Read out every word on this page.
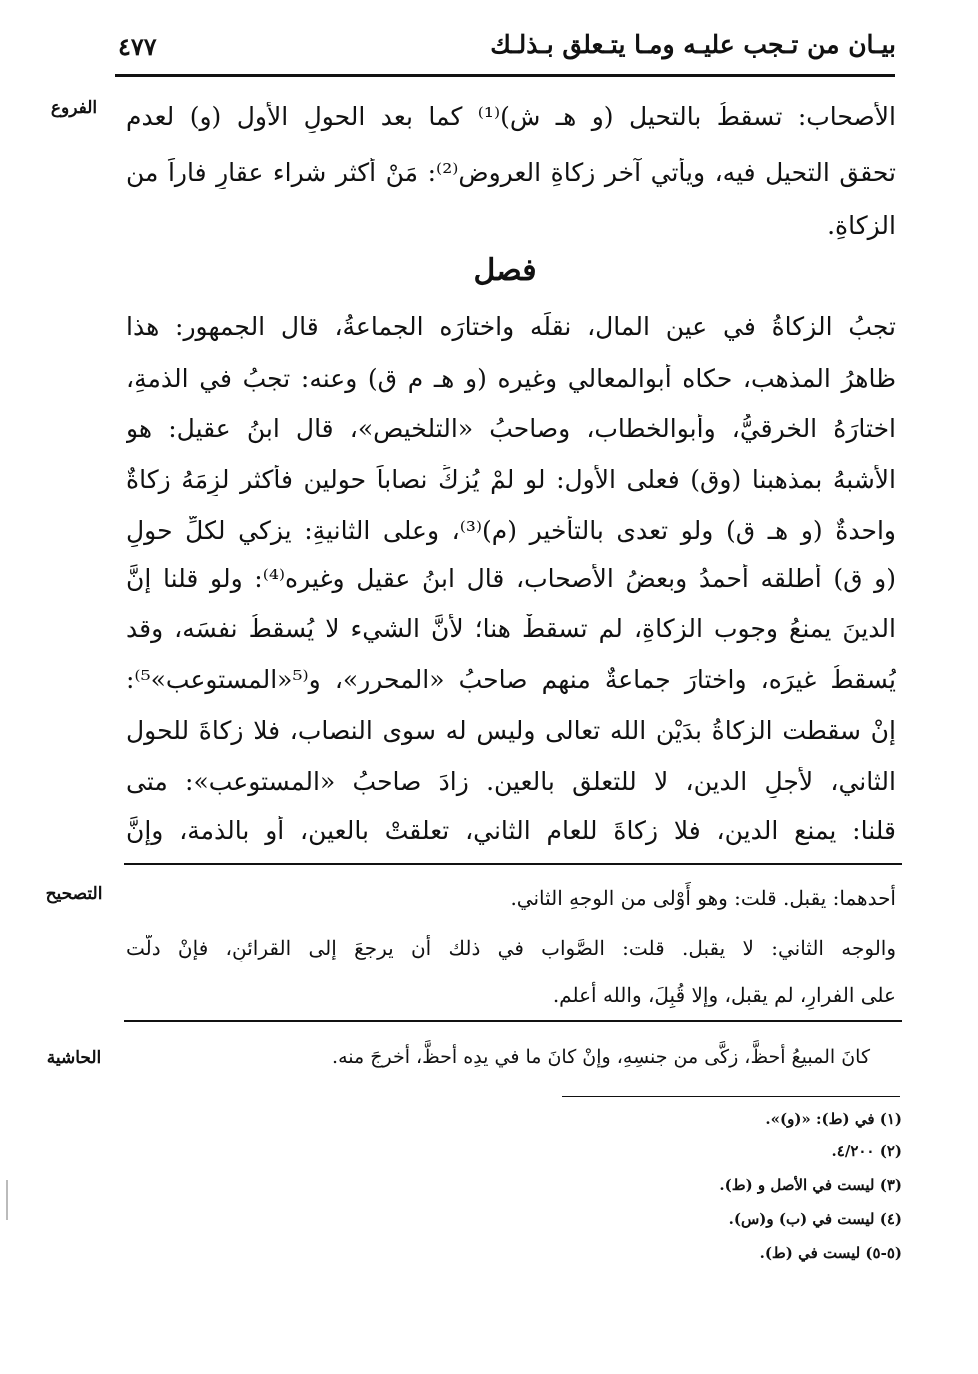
بيـان من تـجب عليـه ومـا يتـعلق بـذلـك
٤٧٧
الفروع
التصحيح
الحاشية
الأصحاب: تسقطُ بالتحيل (و هـ ش)⁽¹⁾ كما بعد الحولِ الأول (و) لعدمِ
تحققِ التحيل فيه، ويأتي آخر زكاةِ العروض⁽²⁾: مَنْ أكثر شراء عقارٍ فاراً من
الزكاةِ.
فصل
تجبُ الزكاةُ في عينِ المال، نقلَه واختارَه الجماعةُ، قال الجمهور: هذا
ظاهرُ المذهب، حكاه أبوالمعالي وغيره (و هـ م ق) وعنه: تجبُ في الذمةِ،
اختارَهُ الخرقيُّ، وأبوالخطاب، وصاحبُ «التلخيص»، قال ابنُ عقيل: هو
الأشبهُ بمذهبنا (وق) فعلى الأول: لو لمْ يُزكِّ نصاباً حولين فأكثر لزِمَهُ زكاةٌ
واحدةٌ (و هـ ق) ولو تعدى بالتأخير (م)⁽³⁾، وعلى الثانيةِ: يزكي لكلِّ حولٍ
(و ق) أطلقه أحمدُ وبعضُ الأصحاب، قال ابنُ عقيل وغيره⁽⁴⁾: ولو قلنا إنَّ
الدينَ يمنعُ وجوب الزكاةِ، لم تسقطْ هنا؛ لأنَّ الشيء لا يُسقطُ نفسَه، وقد
يُسقطُ غيرَه، واختارَ جماعةٌ منهم صاحبُ «المحرر»، و⁽⁵«المستوعب»⁵⁾:
إنْ سقطت الزكاةُ بدَيْن الله تعالى وليس له سوى النصاب، فلا زكاةَ للحول
الثاني، لأجلِ الدين، لا للتعلقِ بالعين. زادَ صاحبُ «المستوعب»: متى
قلنا: يمنع الدين، فلا زكاةَ للعام الثاني، تعلقتْ بالعينِ، أو بالذمة، وإنَّ
أحدهما: يقبل. قلت: وهو أَوْلى من الوجهِ الثاني.
والوجه الثاني: لا يقبل. قلت: الصَّواب في ذلك أن يرجعَ إلى القرائنِ، فإنْ دلَّت
على الفرارِ، لم يقبل، وإلا قُبِلَ، والله أعلم.
كانَ المبيعُ أحظَّ، زكَّى من جنسِهِ، وإنْ كانَ ما في يدِه أحظَّ، أخرجَ منه.
(١) في (ط): «(و)».
(٢) ٤/٢٠٠.
(٣) ليست في الأصل و (ط).
(٤) ليست في (ب) و(س).
(٥-٥) ليست في (ط).
